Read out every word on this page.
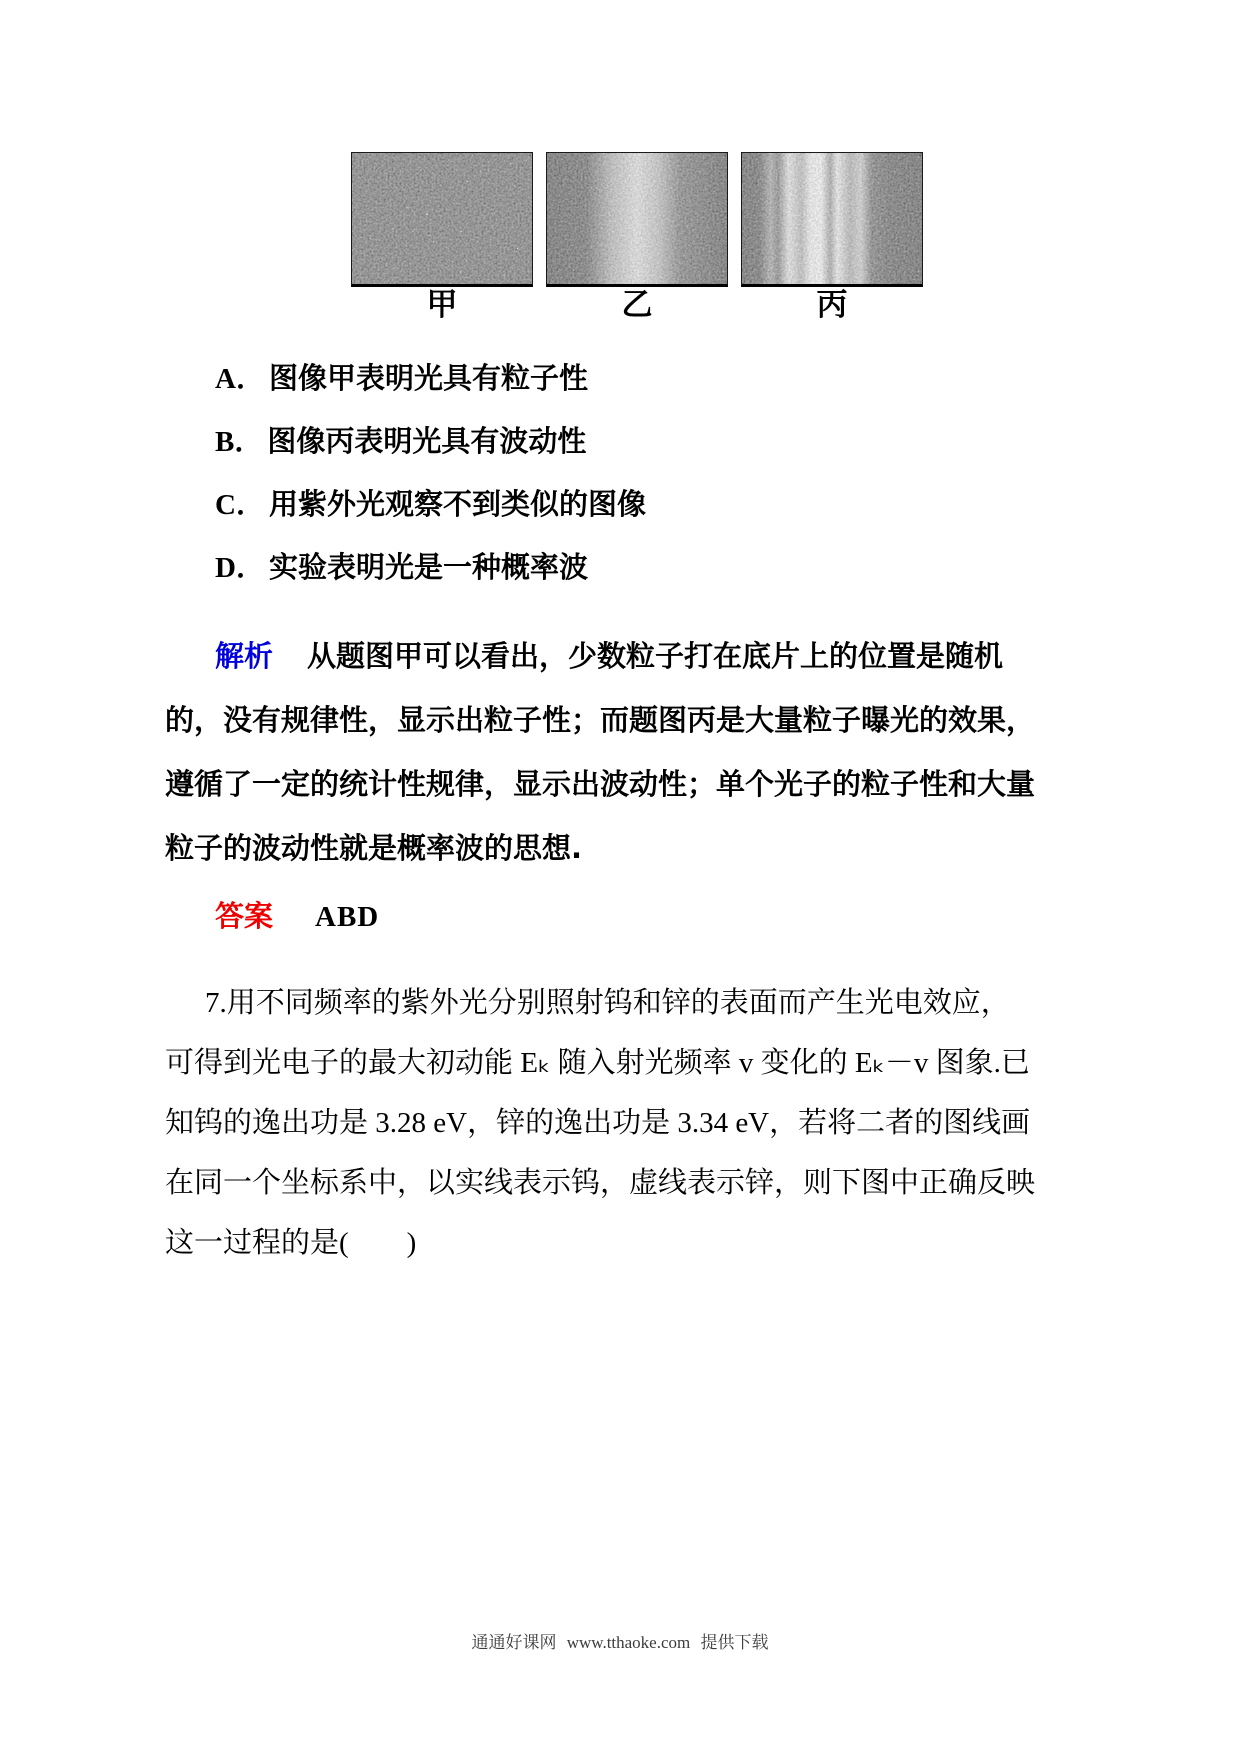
甲	乙	丙
A． 图像甲表明光具有粒子性
B． 图像丙表明光具有波动性
C． 用紫外光观察不到类似的图像
D． 实验表明光是一种概率波
解析 从题图甲可以看出，少数粒子打在底片上的位置是随机
的，没有规律性，显示出粒子性；而题图丙是大量粒子曝光的效果，
遵循了一定的统计性规律，显示出波动性；单个光子的粒子性和大量
粒子的波动性就是概率波的思想.
答案 ABD
7.用不同频率的紫外光分别照射钨和锌的表面而产生光电效应，
可得到光电子的最大初动能 Eₖ 随入射光频率 v 变化的 Eₖ－v 图象.已
知钨的逸出功是 3.28 eV，锌的逸出功是 3.34 eV，若将二者的图线画
在同一个坐标系中，以实线表示钨，虚线表示锌，则下图中正确反映
这一过程的是(　　)
通通好课网 www.tthaoke.com 提供下载
